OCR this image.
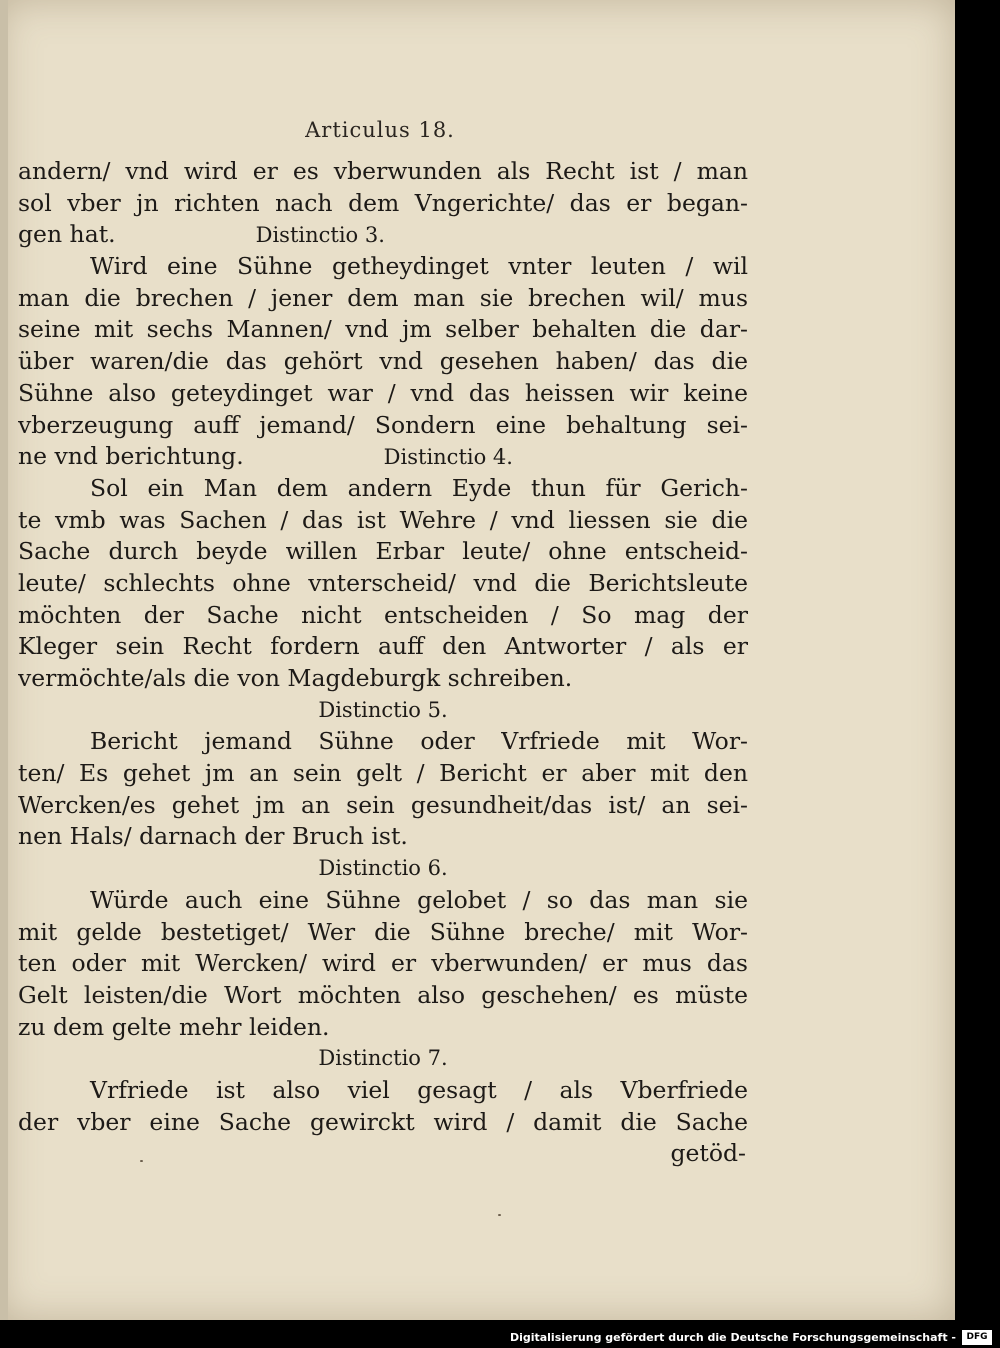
Articulus 18.
andern/ vnd wird er es vberwunden als Recht ist / man
sol vber jn richten nach dem Vngerichte/ das er began-
gen hat.	Distinctio 3.
Wird eine Sühne getheydinget vnter leuten / wil
man die brechen / jener dem man sie brechen wil/ mus
seine mit sechs Mannen/ vnd jm selber behalten die dar-
über waren/die das gehört vnd gesehen haben/ das die
Sühne also geteydinget war / vnd das heissen wir keine
vberzeugung auff jemand/ Sondern eine behaltung sei-
ne vnd berichtung.	Distinctio 4.
Sol ein Man dem andern Eyde thun für Gerich-
te vmb was Sachen / das ist Wehre / vnd liessen sie die
Sache durch beyde willen Erbar leute/ ohne entscheid-
leute/ schlechts ohne vnterscheid/ vnd die Berichtsleute
möchten der Sache nicht entscheiden / So mag der
Kleger sein Recht fordern auff den Antworter / als er
vermöchte/als die von Magdeburgk schreiben.
Distinctio 5.
Bericht jemand Sühne oder Vrfriede mit Wor-
ten/ Es gehet jm an sein gelt / Bericht er aber mit den
Wercken/es gehet jm an sein gesundheit/das ist/ an sei-
nen Hals/ darnach der Bruch ist.
Distinctio 6.
Würde auch eine Sühne gelobet / so das man sie
mit gelde bestetiget/ Wer die Sühne breche/ mit Wor-
ten oder mit Wercken/ wird er vberwunden/ er mus das
Gelt leisten/die Wort möchten also geschehen/ es müste
zu dem gelte mehr leiden.
Distinctio 7.
Vrfriede ist also viel gesagt / als Vberfriede
der vber eine Sache gewirckt wird / damit die Sache
getöd-
Digitalisierung gefördert durch die Deutsche Forschungsgemeinschaft -	DFG
